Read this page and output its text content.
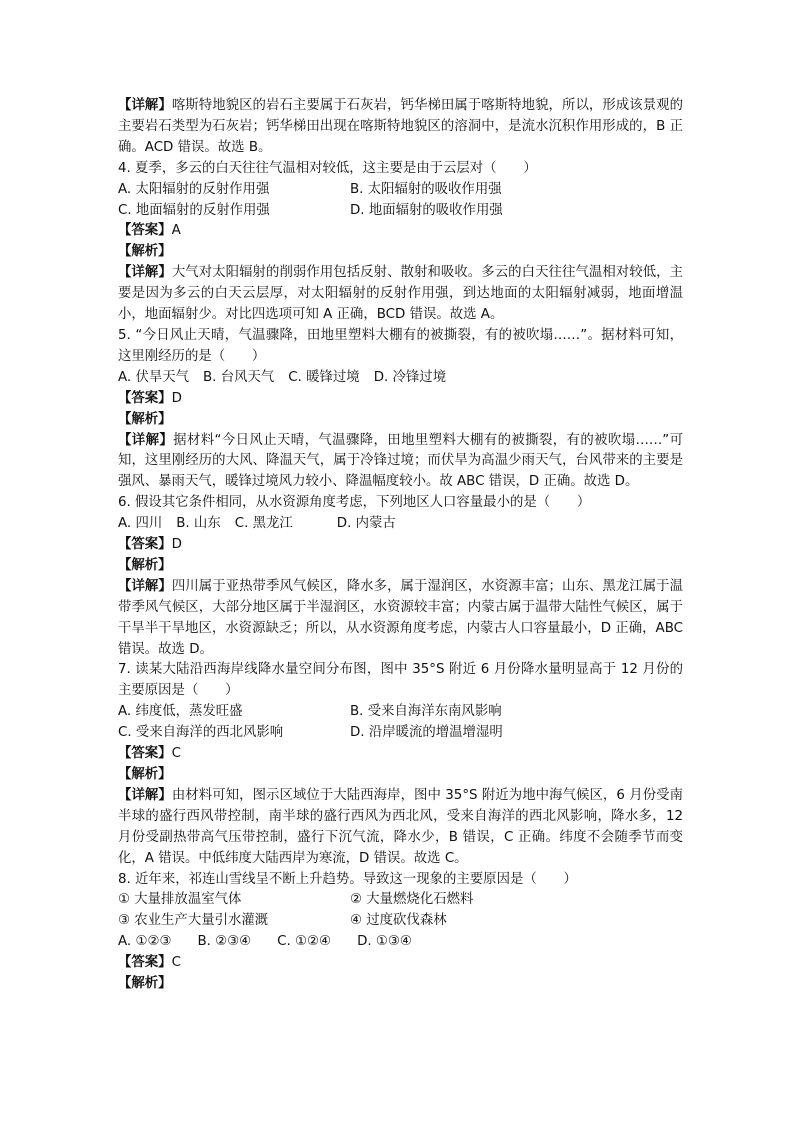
【详解】喀斯特地貌区的岩石主要属于石灰岩，钙华梯田属于喀斯特地貌，所以，形成该景观的主要岩石类型为石灰岩；钙华梯田出现在喀斯特地貌区的溶洞中，是流水沉积作用形成的，B 正确。ACD 错误。故选 B。
4. 夏季，多云的白天往往气温相对较低，这主要是由于云层对（　　）
A. 太阳辐射的反射作用强	B. 太阳辐射的吸收作用强
C. 地面辐射的反射作用强	D. 地面辐射的吸收作用强
【答案】A
【解析】
【详解】大气对太阳辐射的削弱作用包括反射、散射和吸收。多云的白天往往气温相对较低，主要是因为多云的白天云层厚，对太阳辐射的反射作用强，到达地面的太阳辐射减弱，地面增温小，地面辐射少。对比四选项可知 A 正确，BCD 错误。故选 A。
5. “今日风止天晴，气温骤降，田地里塑料大棚有的被撕裂，有的被吹塌……”。据材料可知，这里刚经历的是（　　）
A. 伏旱天气 B. 台风天气 C. 暖锋过境 D. 冷锋过境
【答案】D
【解析】
【详解】据材料“今日风止天晴，气温骤降，田地里塑料大棚有的被撕裂，有的被吹塌……”可知，这里刚经历的大风、降温天气，属于冷锋过境；而伏旱为高温少雨天气，台风带来的主要是强风、暴雨天气，暖锋过境风力较小、降温幅度较小。故 ABC 错误，D 正确。故选 D。
6. 假设其它条件相同，从水资源角度考虑，下列地区人口容量最小的是（　　）
A. 四川 B. 山东 C. 黑龙江	D. 内蒙古
【答案】D
【解析】
【详解】四川属于亚热带季风气候区，降水多，属于湿润区，水资源丰富；山东、黑龙江属于温带季风气候区，大部分地区属于半湿润区，水资源较丰富；内蒙古属于温带大陆性气候区，属于干旱半干旱地区，水资源缺乏；所以，从水资源角度考虑，内蒙古人口容量最小，D 正确，ABC 错误。故选 D。
7. 读某大陆沿西海岸线降水量空间分布图，图中 35°S 附近 6 月份降水量明显高于 12 月份的主要原因是（　　）
A. 纬度低，蒸发旺盛	B. 受来自海洋东南风影响
C. 受来自海洋的西北风影响	D. 沿岸暖流的增温增湿明
【答案】C
【解析】
【详解】由材料可知，图示区域位于大陆西海岸，图中 35°S 附近为地中海气候区，6 月份受南半球的盛行西风带控制，南半球的盛行西风为西北风，受来自海洋的西北风影响，降水多，12 月份受副热带高气压带控制，盛行下沉气流，降水少，B 错误，C 正确。纬度不会随季节而变化，A 错误。中低纬度大陆西岸为寒流，D 错误。故选 C。
8. 近年来，祁连山雪线呈不断上升趋势。导致这一现象的主要原因是（　　）
① 大量排放温室气体	② 大量燃烧化石燃料
③ 农业生产大量引水灌溉	④ 过度砍伐森林
A. ①②③ B. ②③④ C. ①②④ D. ①③④
【答案】C
【解析】
